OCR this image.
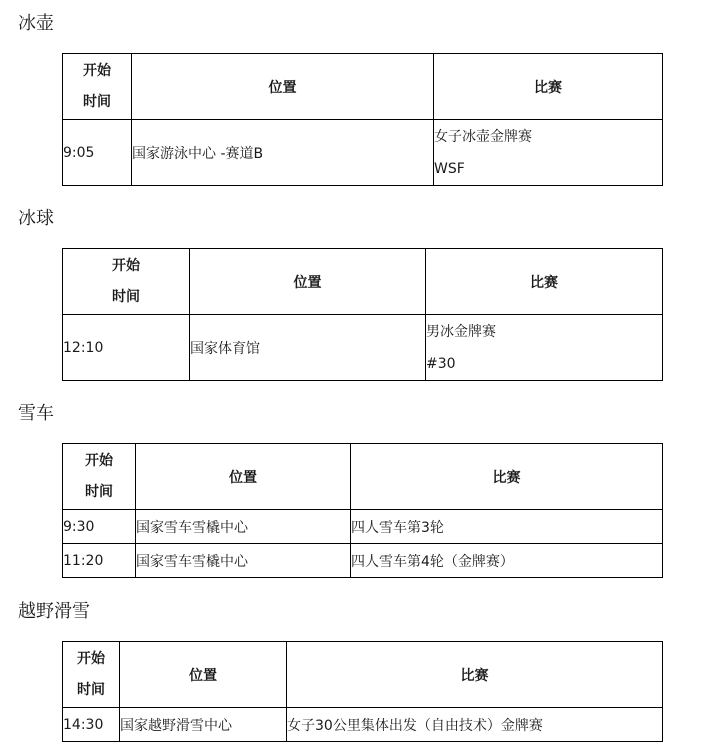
冰壶
开始
时间	位置	比赛
9:05	国家游泳中心 -赛道B	女子冰壶金牌赛
WSF
冰球
开始
时间	位置	比赛
12:10	国家体育馆	男冰金牌赛
#30
雪车
开始
时间	位置	比赛
9:30	国家雪车雪橇中心	四人雪车第3轮
11:20	国家雪车雪橇中心	四人雪车第4轮（金牌赛）
越野滑雪
开始
时间	位置	比赛
14:30	国家越野滑雪中心	女子30公里集体出发（自由技术）金牌赛
